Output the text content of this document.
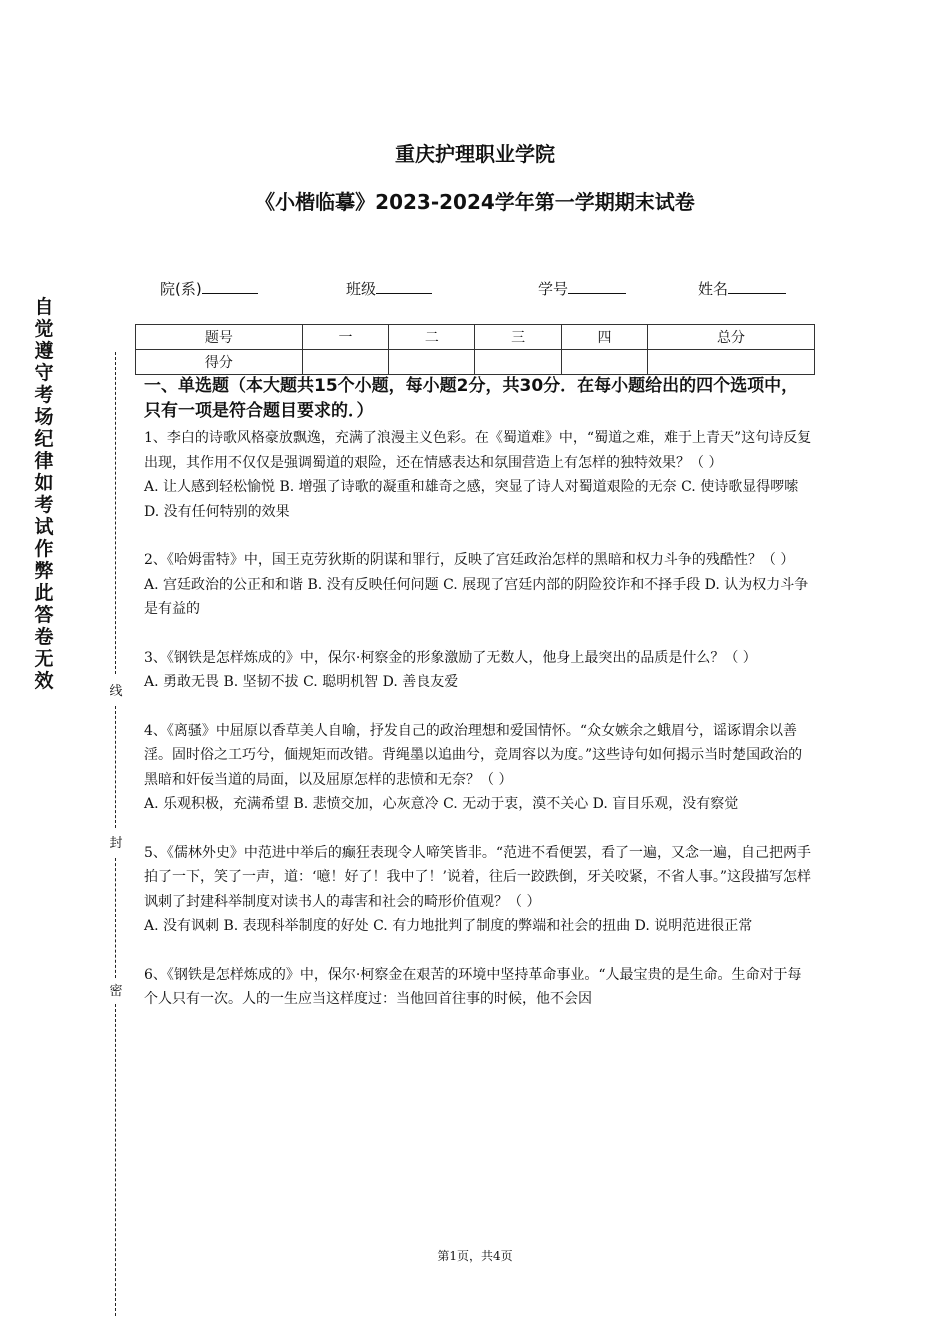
重庆护理职业学院
《小楷临摹》2023-2024学年第一学期期末试卷
院(系)	班级	学号	姓名
题号	一	二	三	四	总分
得分					
自觉遵守考场纪律如考试作弊此答卷无效	线
封
密

一、单选题（本大题共15个小题，每小题2分，共30分．在每小题给出的四个选项中，只有一项是符合题目要求的．）

1、李白的诗歌风格豪放飘逸，充满了浪漫主义色彩。在《蜀道难》中，“蜀道之难，难于上青天”这句诗反复出现，其作用不仅仅是强调蜀道的艰险，还在情感表达和氛围营造上有怎样的独特效果？（ ）

A. 让人感到轻松愉悦 B. 增强了诗歌的凝重和雄奇之感，突显了诗人对蜀道艰险的无奈 C. 使诗歌显得啰嗦 D. 没有任何特别的效果

2、《哈姆雷特》中，国王克劳狄斯的阴谋和罪行，反映了宫廷政治怎样的黑暗和权力斗争的残酷性？（ ）

A. 宫廷政治的公正和和谐 B. 没有反映任何问题 C. 展现了宫廷内部的阴险狡诈和不择手段 D. 认为权力斗争是有益的

3、《钢铁是怎样炼成的》中，保尔·柯察金的形象激励了无数人，他身上最突出的品质是什么？（ ）

A. 勇敢无畏 B. 坚韧不拔 C. 聪明机智 D. 善良友爱

4、《离骚》中屈原以香草美人自喻，抒发自己的政治理想和爱国情怀。“众女嫉余之蛾眉兮，谣诼谓余以善淫。固时俗之工巧兮，偭规矩而改错。背绳墨以追曲兮，竞周容以为度。”这些诗句如何揭示当时楚国政治的黑暗和奸佞当道的局面，以及屈原怎样的悲愤和无奈？（ ）

A. 乐观积极，充满希望 B. 悲愤交加，心灰意冷 C. 无动于衷，漠不关心 D. 盲目乐观，没有察觉

5、《儒林外史》中范进中举后的癫狂表现令人啼笑皆非。“范进不看便罢，看了一遍，又念一遍，自己把两手拍了一下，笑了一声，道：‘噫！好了！我中了！’说着，往后一跤跌倒，牙关咬紧，不省人事。”这段描写怎样讽刺了封建科举制度对读书人的毒害和社会的畸形价值观？（ ）

A. 没有讽刺 B. 表现科举制度的好处 C. 有力地批判了制度的弊端和社会的扭曲 D. 说明范进很正常

6、《钢铁是怎样炼成的》中，保尔·柯察金在艰苦的环境中坚持革命事业。“人最宝贵的是生命。生命对于每个人只有一次。人的一生应当这样度过：当他回首往事的时候，他不会因

第1页，共4页
